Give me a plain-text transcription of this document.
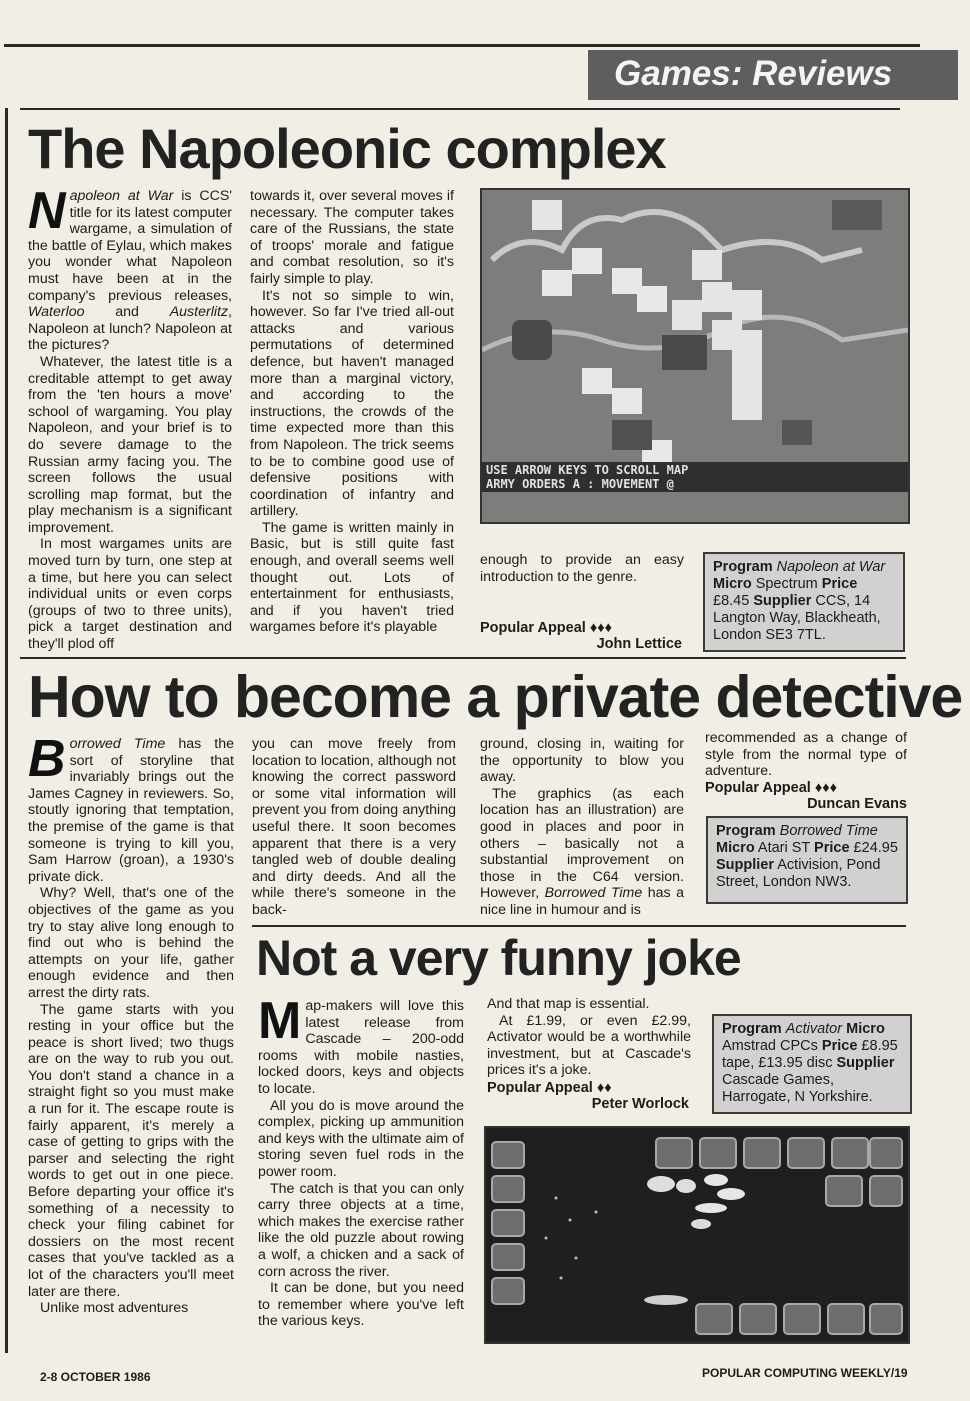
Games: Reviews
The Napoleonic complex

Napoleon at War is CCS' title for its latest computer wargame, a simulation of the battle of Eylau, which makes you wonder what Napoleon must have been at in the company's previous releases, Waterloo and Austerlitz, Napoleon at lunch? Napoleon at the pictures?

Whatever, the latest title is a creditable attempt to get away from the 'ten hours a move' school of wargaming. You play Napoleon, and your brief is to do severe damage to the Russian army facing you. The screen follows the usual scrolling map format, but the play mechanism is a significant improvement.

In most wargames units are moved turn by turn, one step at a time, but here you can select individual units or even corps (groups of two to three units), pick a target destination and they'll plod off

towards it, over several moves if necessary. The computer takes care of the Russians, the state of troops' morale and fatigue and combat resolution, so it's fairly simple to play.

It's not so simple to win, however. So far I've tried all-out attacks and various permutations of determined defence, but haven't managed more than a marginal victory, and according to the instructions, the crowds of the time expected more than this from Napoleon. The trick seems to be to combine good use of defensive positions with coordination of infantry and artillery.

The game is written mainly in Basic, but is still quite fast enough, and overall seems well thought out. Lots of entertainment for enthusiasts, and if you haven't tried wargames before it's playable

USE ARROW KEYS TO SCROLL MAP
ARMY ORDERS A : MOVEMENT @

enough to provide an easy introduction to the genre.

Popular Appeal ♦♦♦
John Lettice
Program Napoleon at War Micro Spectrum Price £8.45 Supplier CCS, 14 Langton Way, Blackheath, London SE3 7TL.
How to become a private detective

Borrowed Time has the sort of storyline that invariably brings out the James Cagney in reviewers. So, stoutly ignoring that temptation, the premise of the game is that someone is trying to kill you, Sam Harrow (groan), a 1930's private dick.

Why? Well, that's one of the objectives of the game as you try to stay alive long enough to find out who is behind the attempts on your life, gather enough evidence and then arrest the dirty rats.

The game starts with you resting in your office but the peace is short lived; two thugs are on the way to rub you out. You don't stand a chance in a straight fight so you must make a run for it. The escape route is fairly apparent, it's merely a case of getting to grips with the parser and selecting the right words to get out in one piece. Before departing your office it's something of a necessity to check your filing cabinet for dossiers on the most recent cases that you've tackled as a lot of the characters you'll meet later are there.

Unlike most adventures

you can move freely from location to location, although not knowing the correct password or some vital information will prevent you from doing anything useful there. It soon becomes apparent that there is a very tangled web of double dealing and dirty deeds. And all the while there's someone in the back-

ground, closing in, waiting for the opportunity to blow you away.

The graphics (as each location has an illustration) are good in places and poor in others – basically not a substantial improvement on those in the C64 version. However, Borrowed Time has a nice line in humour and is

recommended as a change of style from the normal type of adventure.

Popular Appeal ♦♦♦
Duncan Evans
Program Borrowed Time Micro Atari ST Price £24.95 Supplier Activision, Pond Street, London NW3.
Not a very funny joke

Map-makers will love this latest release from Cascade – 200-odd rooms with mobile nasties, locked doors, keys and objects to locate.

All you do is move around the complex, picking up ammunition and keys with the ultimate aim of storing seven fuel rods in the power room.

The catch is that you can only carry three objects at a time, which makes the exercise rather like the old puzzle about rowing a wolf, a chicken and a sack of corn across the river.

It can be done, but you need to remember where you've left the various keys.

And that map is essential.

At £1.99, or even £2.99, Activator would be a worthwhile investment, but at Cascade's prices it's a joke.

Popular Appeal ♦♦
Peter Worlock
Program Activator Micro Amstrad CPCs Price £8.95 tape, £13.95 disc Supplier Cascade Games, Harrogate, N Yorkshire.
2-8 OCTOBER 1986	POPULAR COMPUTING WEEKLY/19
